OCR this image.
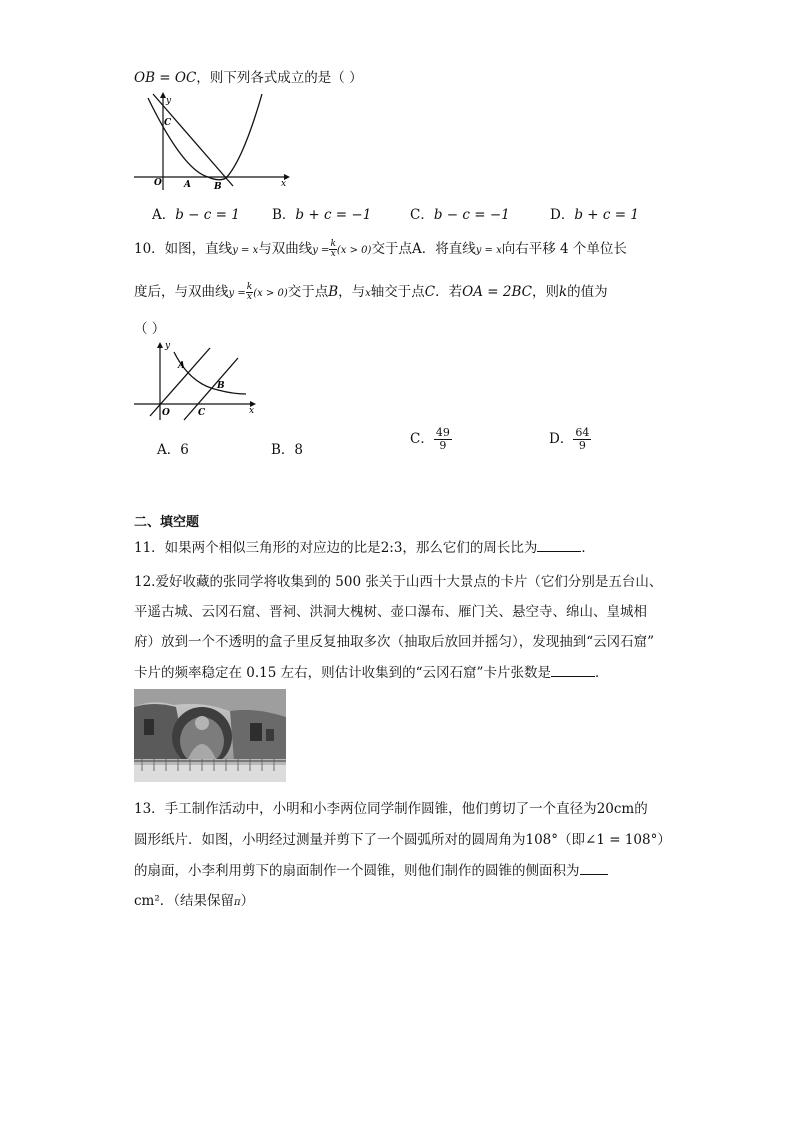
OB = OC，则下列各式成立的是（ ）
O
y
C
A	B	x
A．b − c = 1 B．b + c = −1	C．b − c = −1	D．b + c = 1
10．如图，直线y = x与双曲线$y = \frac{k}{x} (x > 0)$交于点A．将直线y = x向右平移 4 个单位长
度后，与双曲线$y = \frac{k}{x} (x > 0)$交于点B，与x轴交于点C．若OA = 2BC，则k的值为
（ ）
y
A
B
O	C	x
A．6	B．8
C． $\frac{49}{9}$	D． $\frac{64}{9}$
二、填空题
11．如果两个相似三角形的对应边的比是2:3，那么它们的周长比为	．
12.爱好收藏的张同学将收集到的 500 张关于山西十大景点的卡片（它们分别是五台山、
平遥古城、云冈石窟、晋祠、洪洞大槐树、壶口瀑布、雁门关、悬空寺、绵山、皇城相
府）放到一个不透明的盒子里反复抽取多次（抽取后放回并摇匀），发现抽到“云冈石窟”
卡片的频率稳定在 0.15 左右，则估计收集到的“云冈石窟”卡片张数是	．
13．手工制作活动中，小明和小李两位同学制作圆锥，他们剪切了一个直径为20cm的
圆形纸片．如图，小明经过测量并剪下了一个圆弧所对的圆周角为108°（即∠1 = 108°）
的扇面，小李利用剪下的扇面制作一个圆锥，则他们制作的圆锥的侧面积为
cm²．（结果保留π）
